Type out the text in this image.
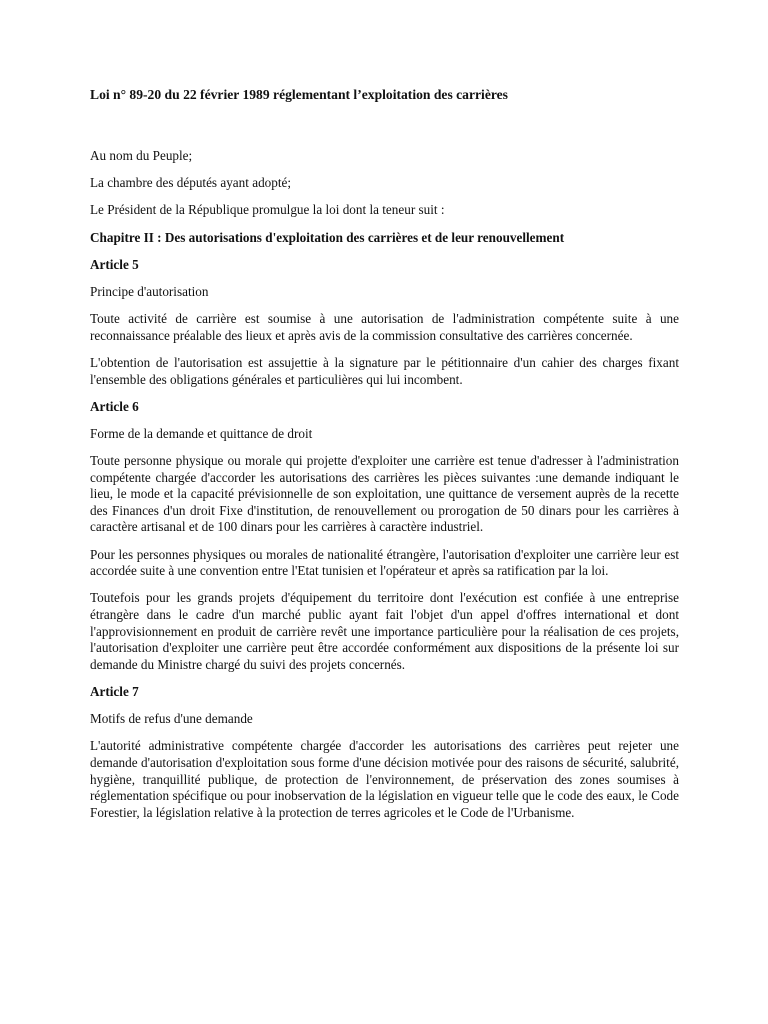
Loi n° 89-20 du 22 février 1989 réglementant l’exploitation des carrières

Au nom du Peuple;

La chambre des députés ayant adopté;

Le Président de la République promulgue la loi dont la teneur suit :

Chapitre II : Des autorisations d'exploitation des carrières et de leur renouvellement

Article 5

Principe d'autorisation

Toute activité de carrière est soumise à une autorisation de l'administration compétente suite à une reconnaissance préalable des lieux et après avis de la commission consultative des carrières concernée.

L'obtention de l'autorisation est assujettie à la signature par le pétitionnaire d'un cahier des charges fixant l'ensemble des obligations générales et particulières qui lui incombent.

Article 6

Forme de la demande et quittance de droit

Toute personne physique ou morale qui projette d'exploiter une carrière est tenue d'adresser à l'administration compétente chargée d'accorder les autorisations des carrières les pièces suivantes :une demande indiquant le lieu, le mode et la capacité prévisionnelle de son exploitation, une quittance de versement auprès de la recette des Finances d'un droit Fixe d'institution, de renouvellement ou prorogation de 50 dinars pour les carrières à caractère artisanal et de 100 dinars pour les carrières à caractère industriel.

Pour les personnes physiques ou morales de nationalité étrangère, l'autorisation d'exploiter une carrière leur est accordée suite à une convention entre l'Etat tunisien et l'opérateur et après sa ratification par la loi.

Toutefois pour les grands projets d'équipement du territoire dont l'exécution est confiée à une entreprise étrangère dans le cadre d'un marché public ayant fait l'objet d'un appel d'offres international et dont l'approvisionnement en produit de carrière revêt une importance particulière pour la réalisation de ces projets, l'autorisation d'exploiter une carrière peut être accordée conformément aux dispositions de la présente loi sur demande du Ministre chargé du suivi des projets concernés.

Article 7

Motifs de refus d'une demande

L'autorité administrative compétente chargée d'accorder les autorisations des carrières peut rejeter une demande d'autorisation d'exploitation sous forme d'une décision motivée pour des raisons de sécurité, salubrité, hygiène, tranquillité publique, de protection de l'environnement, de préservation des zones soumises à réglementation spécifique ou pour inobservation de la législation en vigueur telle que le code des eaux, le Code Forestier, la législation relative à la protection de terres agricoles et le Code de l'Urbanisme.
